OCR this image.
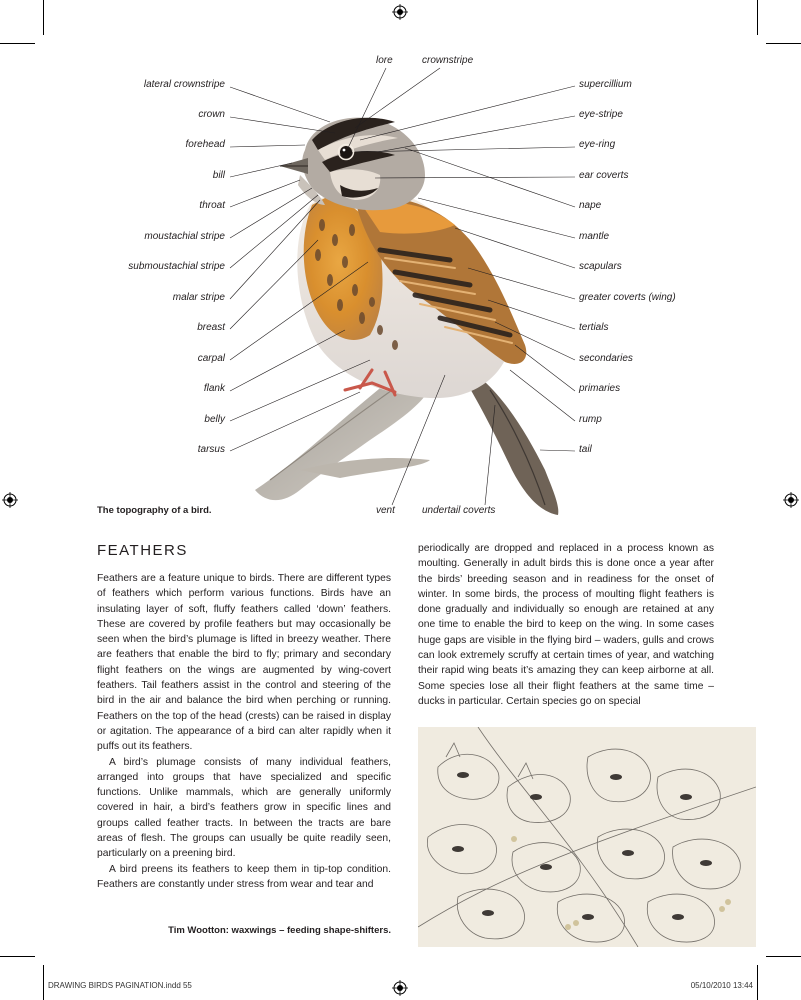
lateral crownstripe
crown
forehead
bill
throat
moustachial stripe
submoustachial stripe
malar stripe
breast
carpal
flank
belly
tarsus
lore	crownstripe
supercillium
eye-stripe
eye-ring
ear coverts
nape
mantle
scapulars
greater coverts (wing)
tertials
secondaries
primaries
rump
tail
vent	undertail coverts
The topography of a bird.
FEATHERS

Feathers are a feature unique to birds. There are different types of feathers which perform various functions. Birds have an insulating layer of soft, fluffy feathers called ‘down’ feathers. These are covered by profile feathers but may occasionally be seen when the bird’s plumage is lifted in breezy weather. There are feathers that enable the bird to fly; primary and secondary flight feathers on the wings are augmented by wing-covert feathers. Tail feathers assist in the control and steering of the bird in the air and balance the bird when perching or running. Feathers on the top of the head (crests) can be raised in display or agitation. The appearance of a bird can alter rapidly when it puffs out its feathers.

A bird’s plumage consists of many individual feathers, arranged into groups that have specialized and specific functions. Unlike mammals, which are generally uniformly covered in hair, a bird’s feathers grow in specific lines and groups called feather tracts. In between the tracts are bare areas of flesh. The groups can usually be quite readily seen, particularly on a preening bird.

A bird preens its feathers to keep them in tip-top condition. Feathers are constantly under stress from wear and tear and

periodically are dropped and replaced in a process known as moulting. Generally in adult birds this is done once a year after the birds’ breeding season and in readiness for the onset of winter. In some birds, the process of moulting flight feathers is done gradually and individually so enough are retained at any one time to enable the bird to keep on the wing. In some cases huge gaps are visible in the flying bird – waders, gulls and crows can look extremely scruffy at certain times of year, and watching their rapid wing beats it’s amazing they can keep airborne at all. Some species lose all their flight feathers at the same time – ducks in particular. Certain species go on special

Tim Wootton: waxwings – feeding shape-shifters.
DRAWING BIRDS PAGINATION.indd 55	05/10/2010 13:44
